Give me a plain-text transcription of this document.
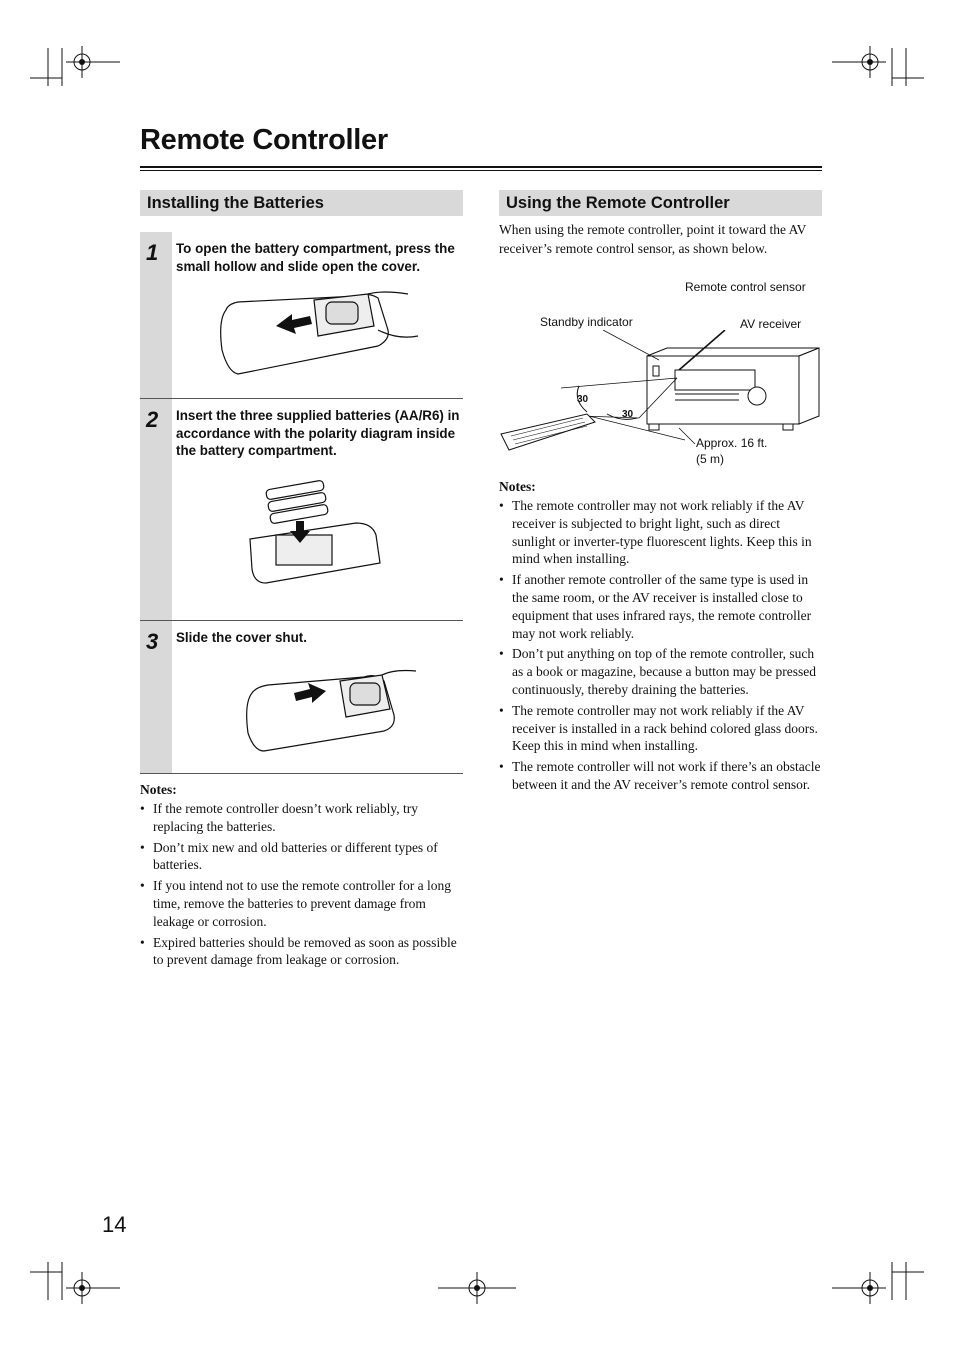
Remote Controller
Installing the Batteries
1 To open the battery compartment, press the small hollow and slide open the cover.
2 Insert the three supplied batteries (AA/R6) in accordance with the polarity diagram inside the battery compartment.
3 Slide the cover shut.
Notes:
• If the remote controller doesn’t work reliably, try replacing the batteries.
• Don’t mix new and old batteries or different types of batteries.
• If you intend not to use the remote controller for a long time, remove the batteries to prevent damage from leakage or corrosion.
• Expired batteries should be removed as soon as possible to prevent damage from leakage or corrosion.
Using the Remote Controller
When using the remote controller, point it toward the AV receiver’s remote control sensor, as shown below.
Remote control sensor
Standby indicator	AV receiver
30
30
Approx. 16 ft.
(5 m)
Notes:
• The remote controller may not work reliably if the AV receiver is subjected to bright light, such as direct sunlight or inverter-type fluorescent lights. Keep this in mind when installing.
• If another remote controller of the same type is used in the same room, or the AV receiver is installed close to equipment that uses infrared rays, the remote controller may not work reliably.
• Don’t put anything on top of the remote controller, such as a book or magazine, because a button may be pressed continuously, thereby draining the batteries.
• The remote controller may not work reliably if the AV receiver is installed in a rack behind colored glass doors. Keep this in mind when installing.
• The remote controller will not work if there’s an obstacle between it and the AV receiver’s remote control sensor.
14
